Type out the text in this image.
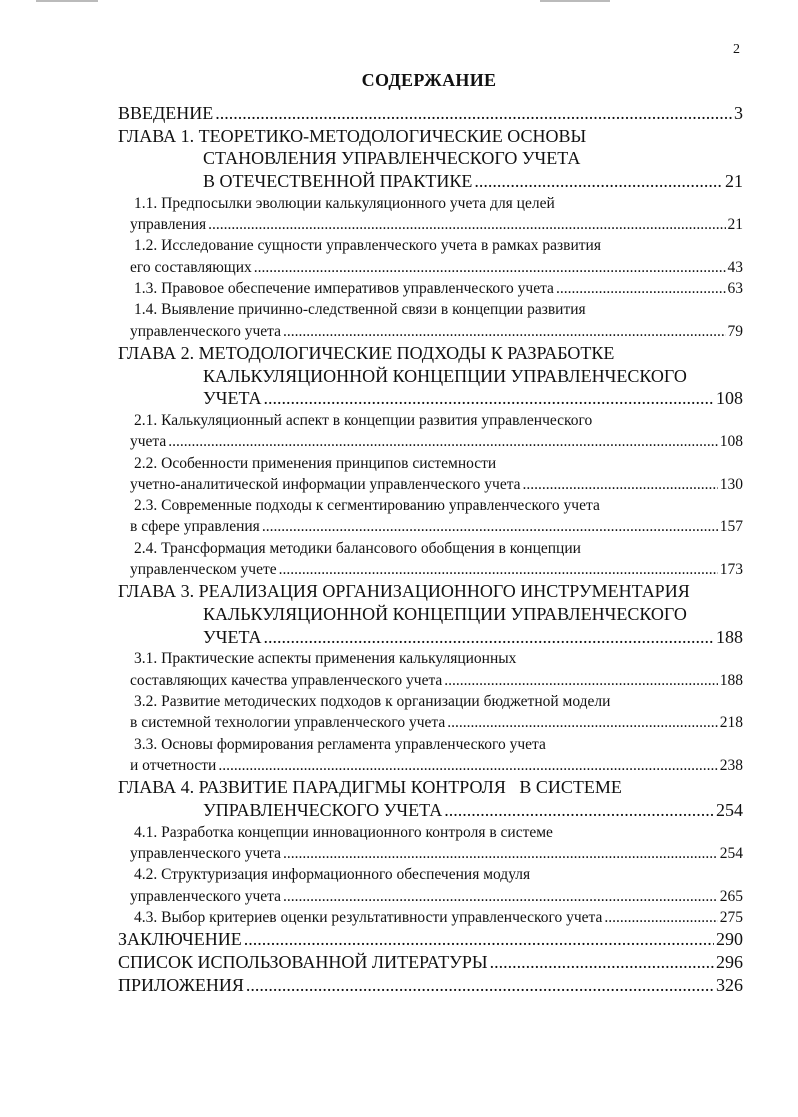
2
СОДЕРЖАНИЕ
ВВЕДЕНИЕ .....	3
ГЛАВА 1. ТЕОРЕТИКО-МЕТОДОЛОГИЧЕСКИЕ ОСНОВЫ
СТАНОВЛЕНИЯ УПРАВЛЕНЧЕСКОГО УЧЕТА
В ОТЕЧЕСТВЕННОЙ ПРАКТИКЕ .....	21
1.1. Предпосылки эволюции калькуляционного учета для целей
управления .....	21
1.2. Исследование сущности управленческого учета в рамках развития
его составляющих .....	43
1.3. Правовое обеспечение императивов управленческого учета .....	63
1.4. Выявление причинно-следственной связи в концепции развития
управленческого учета .....	79
ГЛАВА 2. МЕТОДОЛОГИЧЕСКИЕ ПОДХОДЫ К РАЗРАБОТКЕ
КАЛЬКУЛЯЦИОННОЙ КОНЦЕПЦИИ УПРАВЛЕНЧЕСКОГО
УЧЕТА .....	108
2.1. Калькуляционный аспект в концепции развития управленческого
учета .....	108
2.2. Особенности применения принципов системности
учетно-аналитической информации управленческого учета .....	130
2.3. Современные подходы к сегментированию управленческого учета
в сфере управления .....	157
2.4. Трансформация методики балансового обобщения в концепции
управленческом учете .....	173
ГЛАВА 3. РЕАЛИЗАЦИЯ ОРГАНИЗАЦИОННОГО ИНСТРУМЕНТАРИЯ
КАЛЬКУЛЯЦИОННОЙ КОНЦЕПЦИИ УПРАВЛЕНЧЕСКОГО
УЧЕТА .....	188
3.1. Практические аспекты применения калькуляционных
составляющих качества управленческого учета .....	188
3.2. Развитие методических подходов к организации бюджетной модели
в системной технологии управленческого учета .....	218
3.3. Основы формирования регламента управленческого учета
и отчетности .....	238
ГЛАВА 4. РАЗВИТИЕ ПАРАДИГМЫ КОНТРОЛЯ   В СИСТЕМЕ
УПРАВЛЕНЧЕСКОГО УЧЕТА .....	254
4.1. Разработка концепции инновационного контроля в системе
управленческого учета .....	254
4.2. Структуризация информационного обеспечения модуля
управленческого учета .....	265
4.3. Выбор критериев оценки результативности управленческого учета .....	275
ЗАКЛЮЧЕНИЕ .....	290
СПИСОК ИСПОЛЬЗОВАННОЙ ЛИТЕРАТУРЫ .....	296
ПРИЛОЖЕНИЯ .....	326
